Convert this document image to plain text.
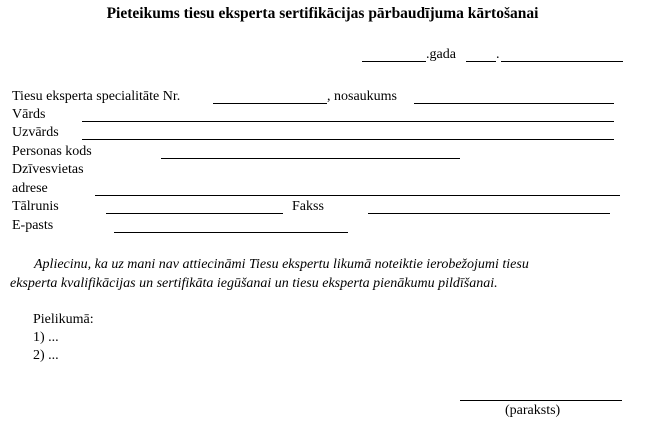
Pieteikums tiesu eksperta sertifikācijas pārbaudījuma kārtošanai
.gada	.
Tiesu eksperta specialitāte Nr.	, nosaukums
Vārds
Uzvārds
Personas kods
Dzīvesvietas
adrese
Tālrunis	Fakss
E-pasts
Apliecinu, ka uz mani nav attiecināmi Tiesu ekspertu likumā noteiktie ierobežojumi tiesu
eksperta kvalifikācijas un sertifikāta iegūšanai un tiesu eksperta pienākumu pildīšanai.
Pielikumā:
1) ...
2) ...
(paraksts)
